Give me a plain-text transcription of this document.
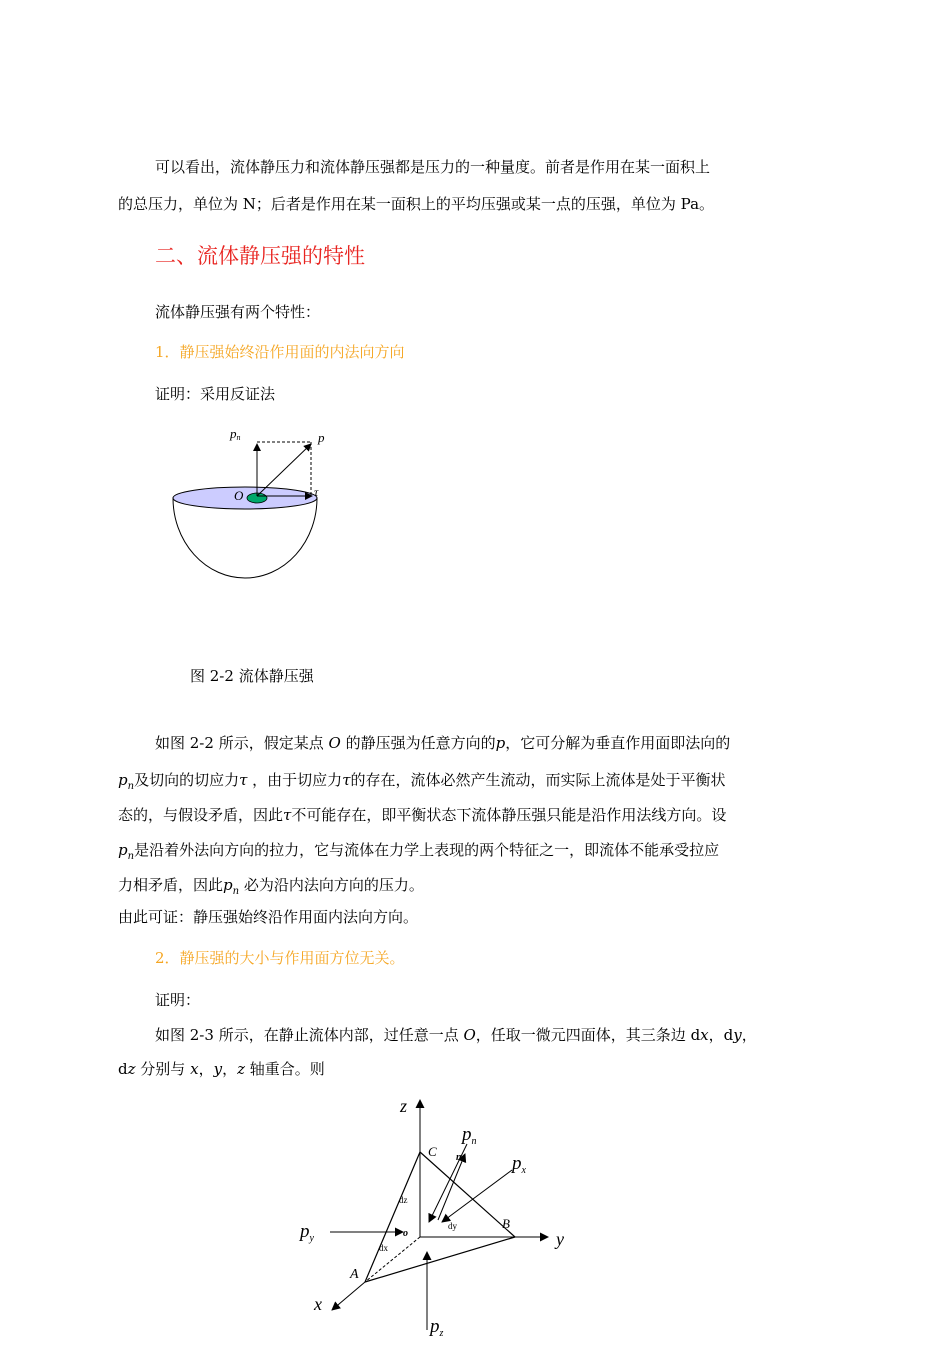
可以看出，流体静压力和流体静压强都是压力的一种量度。前者是作用在某一面积上
的总压力，单位为 N；后者是作用在某一面积上的平均压强或某一点的压强，单位为 Pa。
二、流体静压强的特性
流体静压强有两个特性：
1．静压强始终沿作用面的内法向方向
证明：采用反证法
pn	p
O	τ
图 2-2 流体静压强
如图 2-2 所示，假定某点 O 的静压强为任意方向的p，它可分解为垂直作用面即法向的
$p_n$及切向的切应力τ ，由于切应力τ的存在，流体必然产生流动，而实际上流体是处于平衡状
态的，与假设矛盾，因此τ不可能存在，即平衡状态下流体静压强只能是沿作用法线方向。设
$p_n$是沿着外法向方向的拉力，它与流体在力学上表现的两个特征之一，即流体不能承受拉应
力相矛盾，因此$p_n$ 必为沿内法向方向的压力。
由此可证：静压强始终沿作用面内法向方向。
2．静压强的大小与作用面方位无关。
证明：
如图 2-3 所示，在静止流体内部，过任意一点 O，任取一微元四面体，其三条边 dx，dy，
dz 分别与 x，y，z 轴重合。则
z
y
x
$p_n$
$p_x$
$p_y$
$p_z$
n
C
B
A
o
dz
dy
dx
